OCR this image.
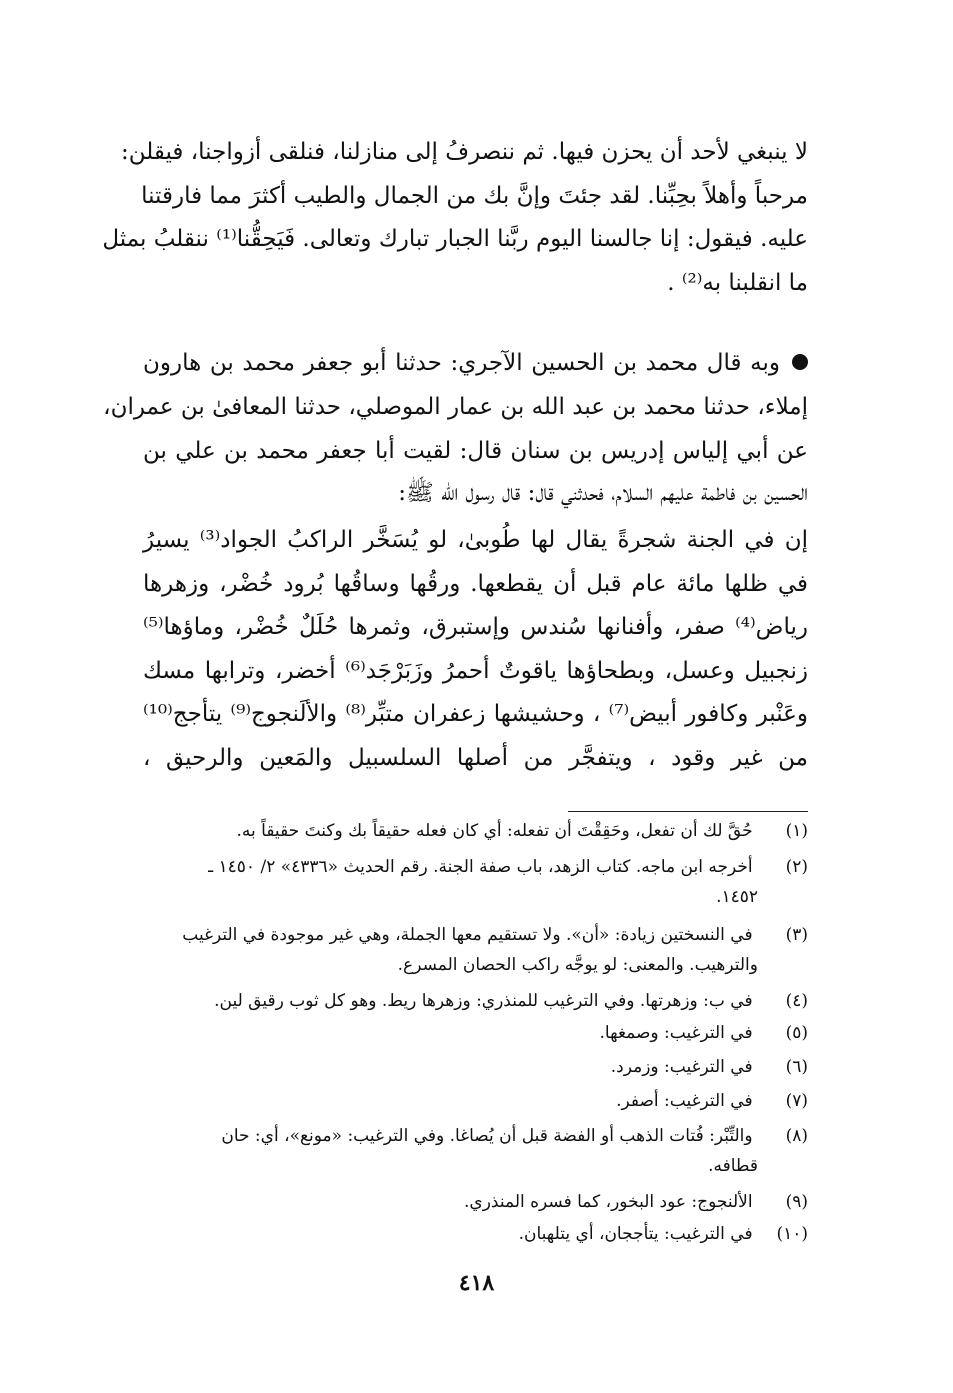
لا ينبغي لأحد أن يحزن فيها. ثم ننصرفُ إلى منازلنا، فنلقى أزواجنا، فيقلن:
مرحباً وأهلاً بحِبِّنا. لقد جئتَ وإنَّ بك من الجمال والطيب أكثرَ مما فارقتنا
عليه. فيقول: إنا جالسنا اليوم ربَّنا الجبار تبارك وتعالى. فَيَحِقُّنا⁽¹⁾ ننقلبُ بمثل
ما انقلبنا به⁽²⁾ .
وبه قال محمد بن الحسين الآجري: حدثنا أبو جعفر محمد بن هارون
إملاء، حدثنا محمد بن عبد الله بن عمار الموصلي، حدثنا المعافىٰ بن عمران،
عن أبي إلياس إدريس بن سنان قال: لقيت أبا جعفر محمد بن علي بن
الحسين بن فاطمة عليهم السلام، فحدثني قال: قال رسول الله ﷺ:
إن في الجنة شجرةً يقال لها طُوبىٰ، لو يُسَخَّر الراكبُ الجواد⁽³⁾ يسيرُ
في ظلها مائة عام قبل أن يقطعها. ورقُها وساقُها بُرود خُضْر، وزهرها
رياض⁽⁴⁾ صفر، وأفنانها سُندس وإستبرق، وثمرها حُلَلٌ خُضْر، وماؤها⁽⁵⁾
زنجبيل وعسل، وبطحاؤها ياقوتٌ أحمرُ وزَبَرْجَد⁽⁶⁾ أخضر، وترابها مسك
وعَنْبر وكافور أبيض⁽⁷⁾ ، وحشيشها زعفران متبِّر⁽⁸⁾ والألَنجوج⁽⁹⁾ يتأجج⁽¹⁰⁾
من غير وقود ، ويتفجَّر من أصلها السلسبيل والمَعين والرحيق ،
(١) حُقَّ لك أن تفعل، وحَقِقْتَ أن تفعله: أي كان فعله حقيقاً بك وكنتَ حقيقاً به.
(٢) أخرجه ابن ماجه. كتاب الزهد، باب صفة الجنة. رقم الحديث «٤٣٣٦» ٢/ ١٤٥٠ ـ
١٤٥٢.
(٣) في النسختين زيادة: «أن». ولا تستقيم معها الجملة، وهي غير موجودة في الترغيب
والترهيب. والمعنى: لو يوجَّه راكب الحصان المسرع.
(٤) في ب: وزهرتها. وفي الترغيب للمنذري: وزهرها ريط. وهو كل ثوب رقيق لين.
(٥) في الترغيب: وصمغها.
(٦) في الترغيب: وزمرد.
(٧) في الترغيب: أصفر.
(٨) والتِّبْر: فُتات الذهب أو الفضة قبل أن يُصاغا. وفي الترغيب: «مونع»، أي: حان
قطافه.
(٩) الألنجوج: عود البخور، كما فسره المنذري.
(١٠) في الترغيب: يتأججان، أي يتلهبان.
٤١٨
